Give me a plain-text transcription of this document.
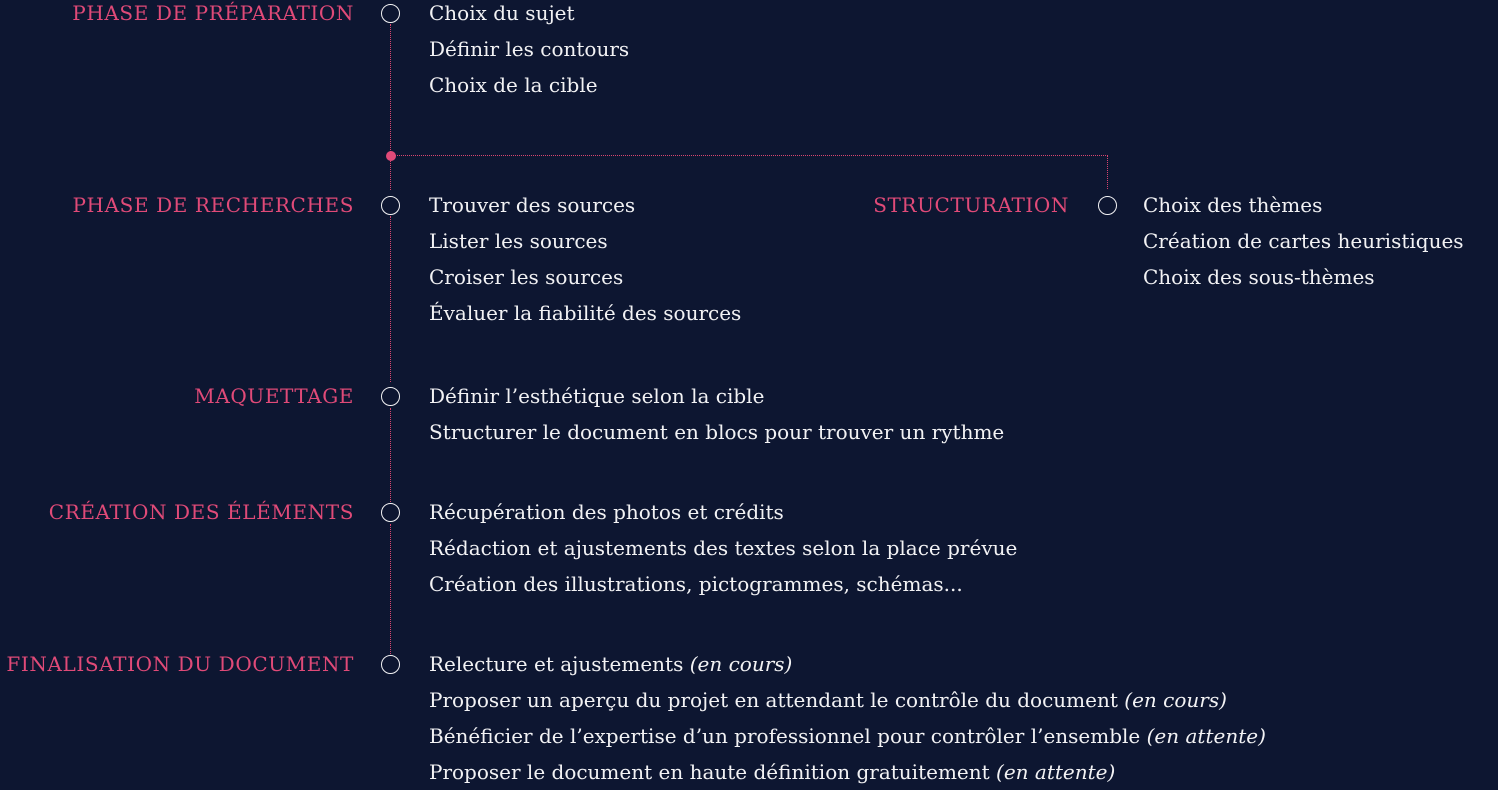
PHASE DE PRÉPARATION	Choix du sujet
Définir les contours
Choix de la cible
PHASE DE RECHERCHES	Trouver des sources
Lister les sources
Croiser les sources
Évaluer la fiabilité des sources
STRUCTURATION	Choix des thèmes
Création de cartes heuristiques
Choix des sous-thèmes
MAQUETTAGE	Définir l’esthétique selon la cible
Structurer le document en blocs pour trouver un rythme
CRÉATION DES ÉLÉMENTS	Récupération des photos et crédits
Rédaction et ajustements des textes selon la place prévue
Création des illustrations, pictogrammes, schémas...
FINALISATION DU DOCUMENT	Relecture et ajustements (en cours)
Proposer un aperçu du projet en attendant le contrôle du document (en cours)
Bénéficier de l’expertise d’un professionnel pour contrôler l’ensemble (en attente)
Proposer le document en haute définition gratuitement (en attente)
